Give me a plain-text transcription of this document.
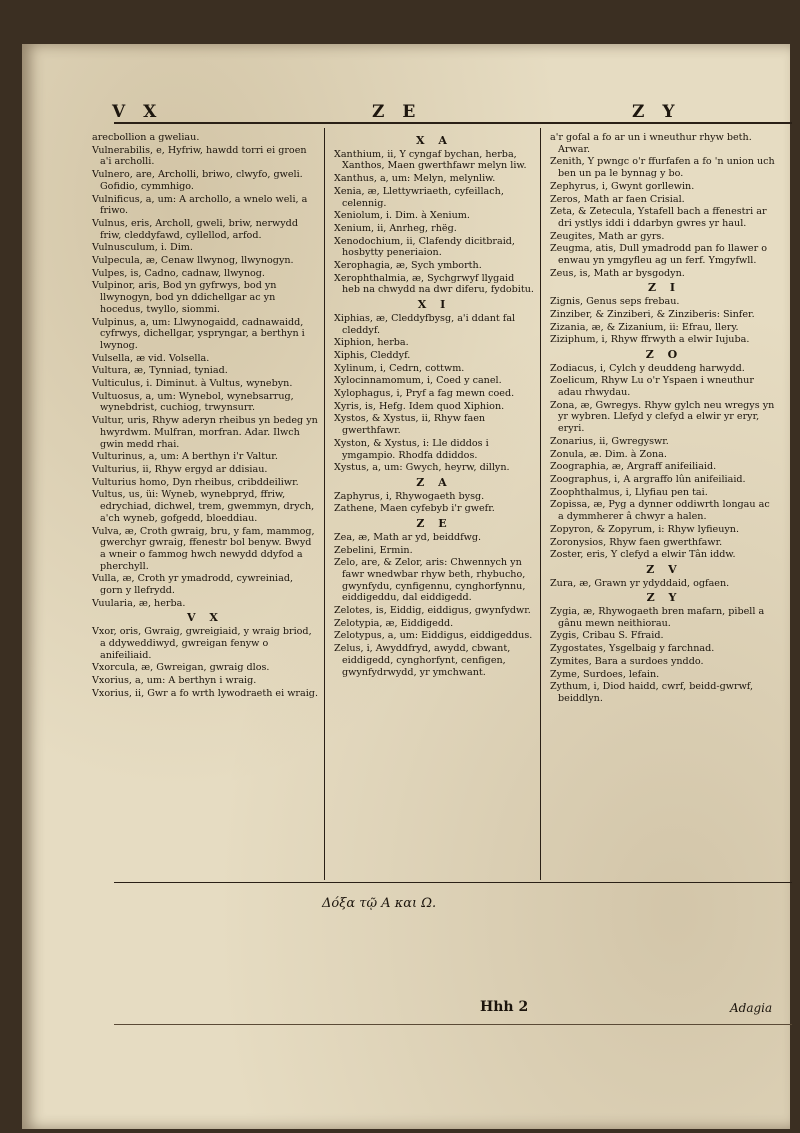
V X	Z E	Z Y

arecbollion a gweliau.

Vulnerabilis, e, Hyfriw, hawdd torri ei groen a'i archolli.

Vulnero, are, Archolli, briwo, clwyfo, gweli. Gofidio, cymmhigo.

Vulnificus, a, um: A archollo, a wnelo weli, a friwo.

Vulnus, eris, Archoll, gweli, briw, nerwydd friw, cleddyfawd, cyllellod, arfod.

Vulnusculum, i. Dim.

Vulpecula, æ, Cenaw llwynog, llwynogyn.

Vulpes, is, Cadno, cadnaw, llwynog.

Vulpinor, aris, Bod yn gyfrwys, bod yn llwynogyn, bod yn ddichellgar ac yn hocedus, twyllo, siommi.

Vulpinus, a, um: Llwynogaidd, cadnawaidd, cyfrwys, dichellgar, yspryngar, a berthyn i lwynog.

Vulsella, æ vid. Volsella.

Vultura, æ, Tynniad, tyniad.

Vulticulus, i. Diminut. à Vultus, wynebyn.

Vultuosus, a, um: Wynebol, wynebsarrug, wynebdrist, cuchiog, trwynsurr.

Vultur, uris, Rhyw aderyn rheibus yn bedeg yn hwyrdwm. Mulfran, morfran. Adar. Ilwch gwin medd rhai.

Vulturinus, a, um: A berthyn i'r Valtur.

Vulturius, ii, Rhyw ergyd ar ddisiau.

Vulturius homo, Dyn rheibus, cribddeiliwr.

Vultus, us, üi: Wyneb, wynebpryd, ffriw, edrychiad, dichwel, trem, gwemmyn, drych, a'ch wyneb, gofgedd, bloeddiau.

Vulva, æ, Croth gwraig, bru, y fam, mammog, gwerchyr gwraig, ffenestr bol benyw. Bwyd a wneir o fammog hwch newydd ddyfod a pherchyll.

Vulla, æ, Croth yr ymadrodd, cywreiniad, gorn y llefrydd.

Vuularia, æ, herba.

V X

Vxor, oris, Gwraig, gwreigiaid, y wraig briod, a ddyweddiwyd, gwreigan fenyw o anifeiliaid.

Vxorcula, æ, Gwreigan, gwraig dlos.

Vxorius, a, um: A berthyn i wraig.

Vxorius, ii, Gwr a fo wrth lywodraeth ei wraig.

X A

Xanthium, ii, Y cyngaf bychan, herba, Xanthos, Maen gwerthfawr melyn liw.

Xanthus, a, um: Melyn, melynliw.

Xenia, æ, Llettywriaeth, cyfeillach, celennig.

Xeniolum, i. Dim. à Xenium.

Xenium, ii, Anrheg, rhëg.

Xenodochium, ii, Clafendy dicitbraid, hosbytty peneriaion.

Xerophagia, æ, Sych ymborth.

Xerophthalmia, æ, Sychgrwyf llygaid heb na chwydd na dwr diferu, fydobitu.

X I

Xiphias, æ, Cleddyfbysg, a'i ddant fal cleddyf.

Xiphion, herba.

Xiphis, Cleddyf.

Xylinum, i, Cedrn, cottwm.

Xylocinnamomum, i, Coed y canel.

Xylophagus, i, Pryf a fag mewn coed.

Xyris, is, Hefg. Idem quod Xiphion.

Xystos, & Xystus, ii, Rhyw faen gwerthfawr.

Xyston, & Xystus, i: Lle diddos i ymgampio. Rhodfa ddiddos.

Xystus, a, um: Gwych, heyrw, dillyn.

Z A

Zaphyrus, i, Rhywogaeth bysg.

Zathene, Maen cyfebyb i'r gwefr.

Z E

Zea, æ, Math ar yd, beiddfwg.

Zebelini, Ermin.

Zelo, are, & Zelor, aris: Chwennych yn fawr wnedwbar rhyw beth, rhybucho, gwynfydu, cynfigennu, cynghorfynnu, eiddigeddu, dal eiddigedd.

Zelotes, is, Eiddig, eiddigus, gwynfydwr.

Zelotypia, æ, Eiddigedd.

Zelotypus, a, um: Eiddigus, eiddigeddus.

Zelus, i, Awyddfryd, awydd, cbwant, eiddigedd, cynghorfynt, cenfigen, gwynfydrwydd, yr ymchwant.

a'r gofal a fo ar un i wneuthur rhyw beth. Arwar.

Zenith, Y pwngc o'r ffurfafen a fo 'n union uch ben un pa le bynnag y bo.

Zephyrus, i, Gwynt gorllewin.

Zeros, Math ar faen Crisial.

Zeta, & Zetecula, Ystafell bach a ffenestri ar dri ystlys iddi i ddarbyn gwres yr haul.

Zeugites, Math ar gyrs.

Zeugma, atis, Dull ymadrodd pan fo llawer o enwau yn ymgyfleu ag un ferf. Ymgyfwll.

Zeus, is, Math ar bysgodyn.

Z I

Zignis, Genus seps frebau.

Zinziber, & Zinziberi, & Zinziberis: Sinfer.

Zizania, æ, & Zizanium, ii: Efrau, llery.

Ziziphum, i, Rhyw ffrwyth a elwir Iujuba.

Z O

Zodiacus, i, Cylch y deuddeng harwydd.

Zoelicum, Rhyw Lu o'r Yspaen i wneuthur adau rhwydau.

Zona, æ, Gwregys. Rhyw gylch neu wregys yn yr wybren. Llefyd y clefyd a elwir yr eryr, eryri.

Zonarius, ii, Gwregyswr.

Zonula, æ. Dim. à Zona.

Zoographia, æ, Argraff anifeiliaid.

Zoographus, i, A argraffo lûn anifeiliaid.

Zoophthalmus, i, Llyfiau pen tai.

Zopissa, æ, Pyg a dynner oddiwrth longau ac a dymmherer â chwyr a halen.

Zopyron, & Zopyrum, i: Rhyw lyfieuyn.

Zoronysios, Rhyw faen gwerthfawr.

Zoster, eris, Y clefyd a elwir Tân iddw.

Z V

Zura, æ, Grawn yr ydyddaid, ogfaen.

Z Y

Zygia, æ, Rhywogaeth bren mafarn, pibell a gânu mewn neithiorau.

Zygis, Cribau S. Ffraid.

Zygostates, Ysgelbaig y farchnad.

Zymites, Bara a surdoes ynddo.

Zyme, Surdoes, lefain.

Zythum, i, Diod haidd, cwrf, beidd-gwrwf, beiddlyn.

Δόξα τῷ Α και Ω.
Hhh 2	Adagia
